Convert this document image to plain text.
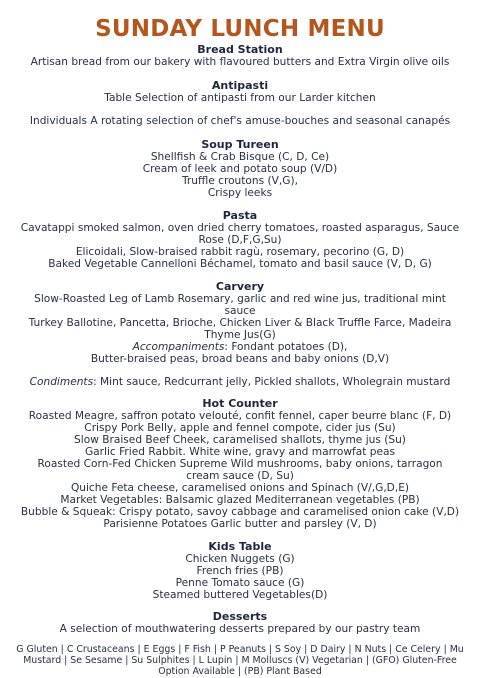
SUNDAY LUNCH MENU
Bread Station
Artisan bread from our bakery with flavoured butters and Extra Virgin olive oils
Antipasti
Table Selection of antipasti from our Larder kitchen
Individuals A rotating selection of chef's amuse-bouches and seasonal canapés
Soup Tureen
Shellfish & Crab Bisque (C, D, Ce)
Cream of leek and potato soup (V/D)
Truffle croutons (V,G),
Crispy leeks
Pasta
Cavatappi smoked salmon, oven dried cherry tomatoes, roasted asparagus, Sauce
Rose (D,F,G,Su)
Elicoidali, Slow-braised rabbit ragù, rosemary, pecorino (G, D)
Baked Vegetable Cannelloni Béchamel, tomato and basil sauce (V, D, G)
Carvery
Slow-Roasted Leg of Lamb Rosemary, garlic and red wine jus, traditional mint
sauce
Turkey Ballotine, Pancetta, Brioche, Chicken Liver & Black Truffle Farce, Madeira
Thyme Jus(G)
Accompaniments: Fondant potatoes (D),
Butter-braised peas, broad beans and baby onions (D,V)
Condiments: Mint sauce, Redcurrant jelly, Pickled shallots, Wholegrain mustard
Hot Counter
Roasted Meagre, saffron potato velouté, confit fennel, caper beurre blanc (F, D)
Crispy Pork Belly, apple and fennel compote, cider jus (Su)
Slow Braised Beef Cheek, caramelised shallots, thyme jus (Su)
Garlic Fried Rabbit. White wine, gravy and marrowfat peas
Roasted Corn-Fed Chicken Supreme Wild mushrooms, baby onions, tarragon
cream sauce (D, Su)
Quiche Feta cheese, caramelised onions and Spinach (V/,G,D,E)
Market Vegetables: Balsamic glazed Mediterranean vegetables (PB)
Bubble & Squeak: Crispy potato, savoy cabbage and caramelised onion cake (V,D)
Parisienne Potatoes Garlic butter and parsley (V, D)
Kids Table
Chicken Nuggets (G)
French fries (PB)
Penne Tomato sauce (G)
Steamed buttered Vegetables(D)
Desserts
A selection of mouthwatering desserts prepared by our pastry team
G Gluten | C Crustaceans | E Eggs | F Fish | P Peanuts | S Soy | D Dairy | N Nuts | Ce Celery | Mu
Mustard | Se Sesame | Su Sulphites | L Lupin | M Molluscs (V) Vegetarian | (GFO) Gluten-Free
Option Available | (PB) Plant Based
